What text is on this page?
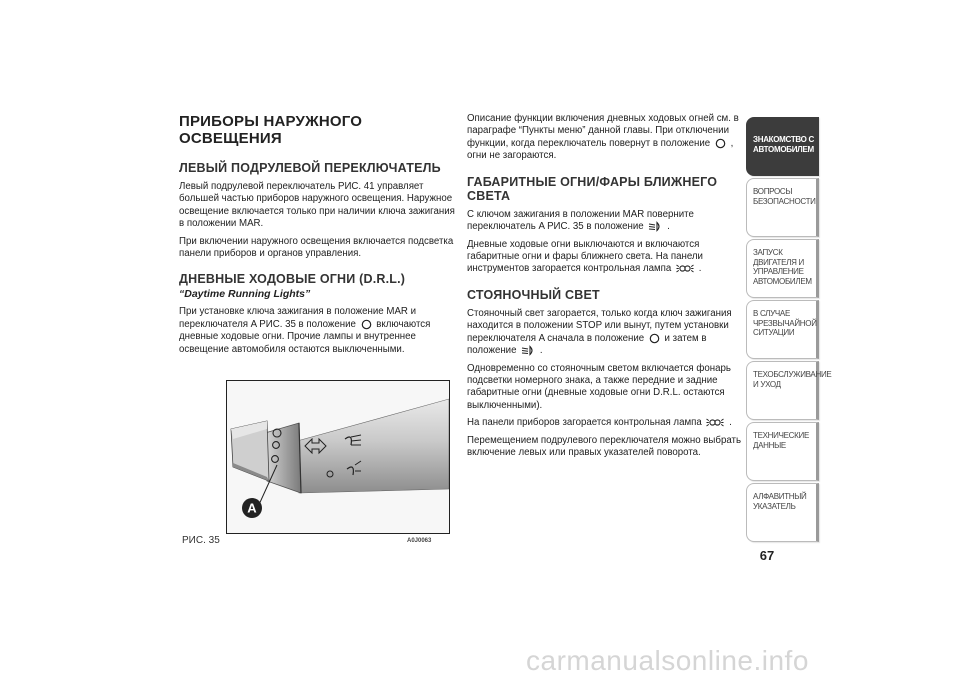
ПРИБОРЫ НАРУЖНОГО ОСВЕЩЕНИЯ
ЛЕВЫЙ ПОДРУЛЕВОЙ ПЕРЕКЛЮЧАТЕЛЬ

Левый подрулевой переключатель РИС. 41 управляет большей частью приборов наружного освещения. Наружное освещение включается только при наличии ключа зажигания в положении MAR.

При включении наружного освещения включается подсветка панели приборов и органов управления.

ДНЕВНЫЕ ХОДОВЫЕ ОГНИ (D.R.L.)
“Daytime Running Lights”

При установке ключа зажигания в положение MAR и переключателя A РИС. 35 в положение включаются дневные ходовые огни. Прочие лампы и внутреннее освещение автомобиля остаются выключенными.

Описание функции включения дневных ходовых огней см. в параграфе “Пункты меню” данной главы. При отключении функции, когда переключатель повернут в положение , огни не загораются.

ГАБАРИТНЫЕ ОГНИ/ФАРЫ БЛИЖНЕГО СВЕТА

С ключом зажигания в положении MAR поверните переключатель A РИС. 35 в положение .

Дневные ходовые огни выключаются и включаются габаритные огни и фары ближнего света. На панели инструментов загорается контрольная лампа	.

СТОЯНОЧНЫЙ СВЕТ

Стояночный свет загорается, только когда ключ зажигания находится в положении STOP или вынут, путем установки переключателя A сначала в положение и затем в положение .

Одновременно со стояночным светом включается фонарь подсветки номерного знака, а также передние и задние габаритные огни (дневные ходовые огни D.R.L. остаются выключенными).

На панели приборов загорается контрольная лампа	.

Перемещением подрулевого переключателя можно выбрать включение левых или правых указателей поворота.

A
РИС. 35	A0J0063
ЗНАКОМСТВО С АВТОМОБИЛЕМ
ВОПРОСЫ БЕЗОПАСНОСТИ
ЗАПУСК ДВИГАТЕЛЯ И УПРАВЛЕНИЕ АВТОМОБИЛЕМ
В СЛУЧАЕ ЧРЕЗВЫЧАЙНОЙ СИТУАЦИИ
ТЕХОБСЛУЖИВАНИЕ И УХОД
ТЕХНИЧЕСКИЕ ДАННЫЕ
АЛФАВИТНЫЙ УКАЗАТЕЛЬ
67
carmanualsonline.info
